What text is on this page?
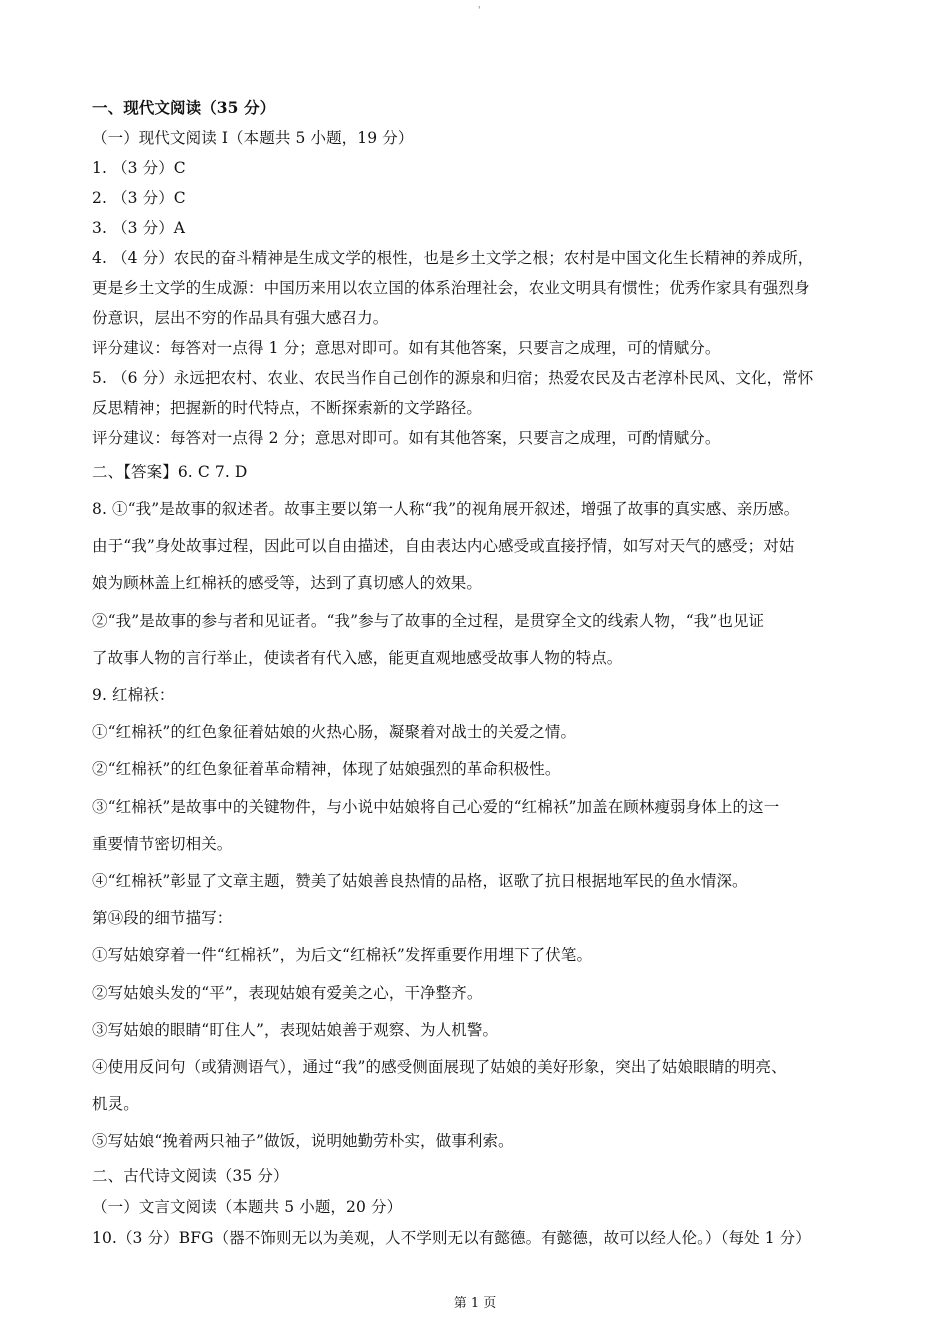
'
一、现代文阅读（35 分）
（一）现代文阅读 I（本题共 5 小题，19 分）
1. （3 分）C
2. （3 分）C
3. （3 分）A
4. （4 分）农民的奋斗精神是生成文学的根性，也是乡土文学之根；农村是中国文化生长精神的养成所，
更是乡土文学的生成源：中国历来用以农立国的体系治理社会，农业文明具有惯性；优秀作家具有强烈身
份意识，层出不穷的作品具有强大感召力。
评分建议：每答对一点得 1 分；意思对即可。如有其他答案，只要言之成理，可的情赋分。
5. （6 分）永远把农村、农业、农民当作自己创作的源泉和归宿；热爱农民及古老淳朴民风、文化，常怀
反思精神；把握新的时代特点，不断探索新的文学路径。
评分建议：每答对一点得 2 分；意思对即可。如有其他答案，只要言之成理，可酌情赋分。
二、【答案】6. C 7. D
8. ①“我”是故事的叙述者。故事主要以第一人称“我”的视角展开叙述，增强了故事的真实感、亲历感。
由于“我”身处故事过程，因此可以自由描述，自由表达内心感受或直接抒情，如写对天气的感受；对姑
娘为顾林盖上红棉袄的感受等，达到了真切感人的效果。
②“我”是故事的参与者和见证者。“我”参与了故事的全过程，是贯穿全文的线索人物，“我”也见证
了故事人物的言行举止，使读者有代入感，能更直观地感受故事人物的特点。
9. 红棉袄：
①“红棉袄”的红色象征着姑娘的火热心肠，凝聚着对战士的关爱之情。
②“红棉袄”的红色象征着革命精神，体现了姑娘强烈的革命积极性。
③“红棉袄”是故事中的关键物件，与小说中姑娘将自己心爱的“红棉袄”加盖在顾林瘦弱身体上的这一
重要情节密切相关。
④“红棉袄”彰显了文章主题，赞美了姑娘善良热情的品格，讴歌了抗日根据地军民的鱼水情深。
第⑭段的细节描写：
①写姑娘穿着一件“红棉袄”，为后文“红棉袄”发挥重要作用埋下了伏笔。
②写姑娘头发的“平”，表现姑娘有爱美之心，干净整齐。
③写姑娘的眼睛“盯住人”，表现姑娘善于观察、为人机警。
④使用反问句（或猜测语气），通过“我”的感受侧面展现了姑娘的美好形象，突出了姑娘眼睛的明亮、
机灵。
⑤写姑娘“挽着两只袖子”做饭，说明她勤劳朴实，做事利索。
二、古代诗文阅读（35 分）
（一）文言文阅读（本题共 5 小题，20 分）
10.（3 分）BFG（器不饰则无以为美观，人不学则无以有懿德。有懿德，故可以经人伦。）（每处 1 分）
第 1 页
